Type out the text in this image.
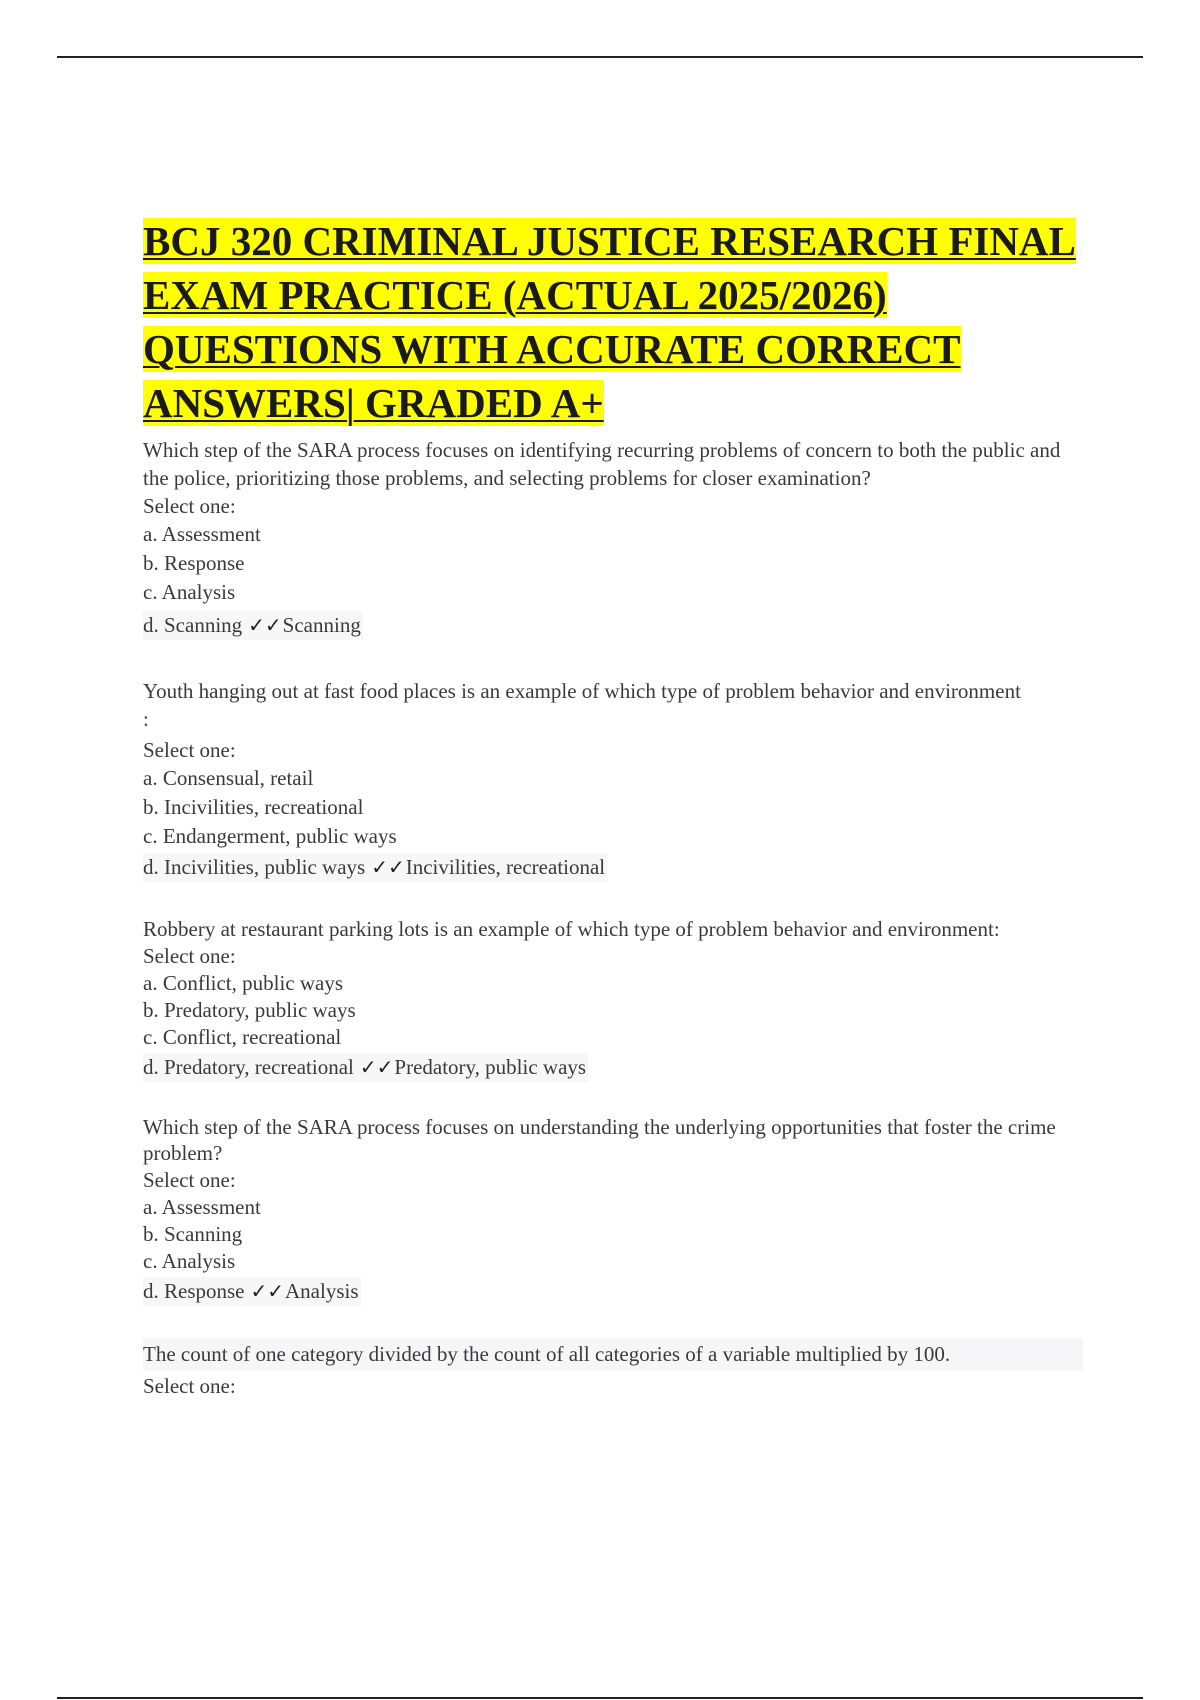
BCJ 320 CRIMINAL JUSTICE RESEARCH FINAL EXAM PRACTICE (ACTUAL 2025/2026) QUESTIONS WITH ACCURATE CORRECT ANSWERS| GRADED A+

Which step of the SARA process focuses on identifying recurring problems of concern to both the public and the police, prioritizing those problems, and selecting problems for closer examination?

Select one:

a. Assessment
b. Response
c. Analysis
d. Scanning ✓✓Scanning

Youth hanging out at fast food places is an example of which type of problem behavior and environment

:

Select one:

a. Consensual, retail
b. Incivilities, recreational
c. Endangerment, public ways
d. Incivilities, public ways ✓✓Incivilities, recreational

Robbery at restaurant parking lots is an example of which type of problem behavior and environment:

Select one:

a. Conflict, public ways
b. Predatory, public ways
c. Conflict, recreational
d. Predatory, recreational ✓✓Predatory, public ways

Which step of the SARA process focuses on understanding the underlying opportunities that foster the crime problem?

Select one:

a. Assessment
b. Scanning
c. Analysis
d. Response ✓✓Analysis

The count of one category divided by the count of all categories of a variable multiplied by 100.

Select one:
